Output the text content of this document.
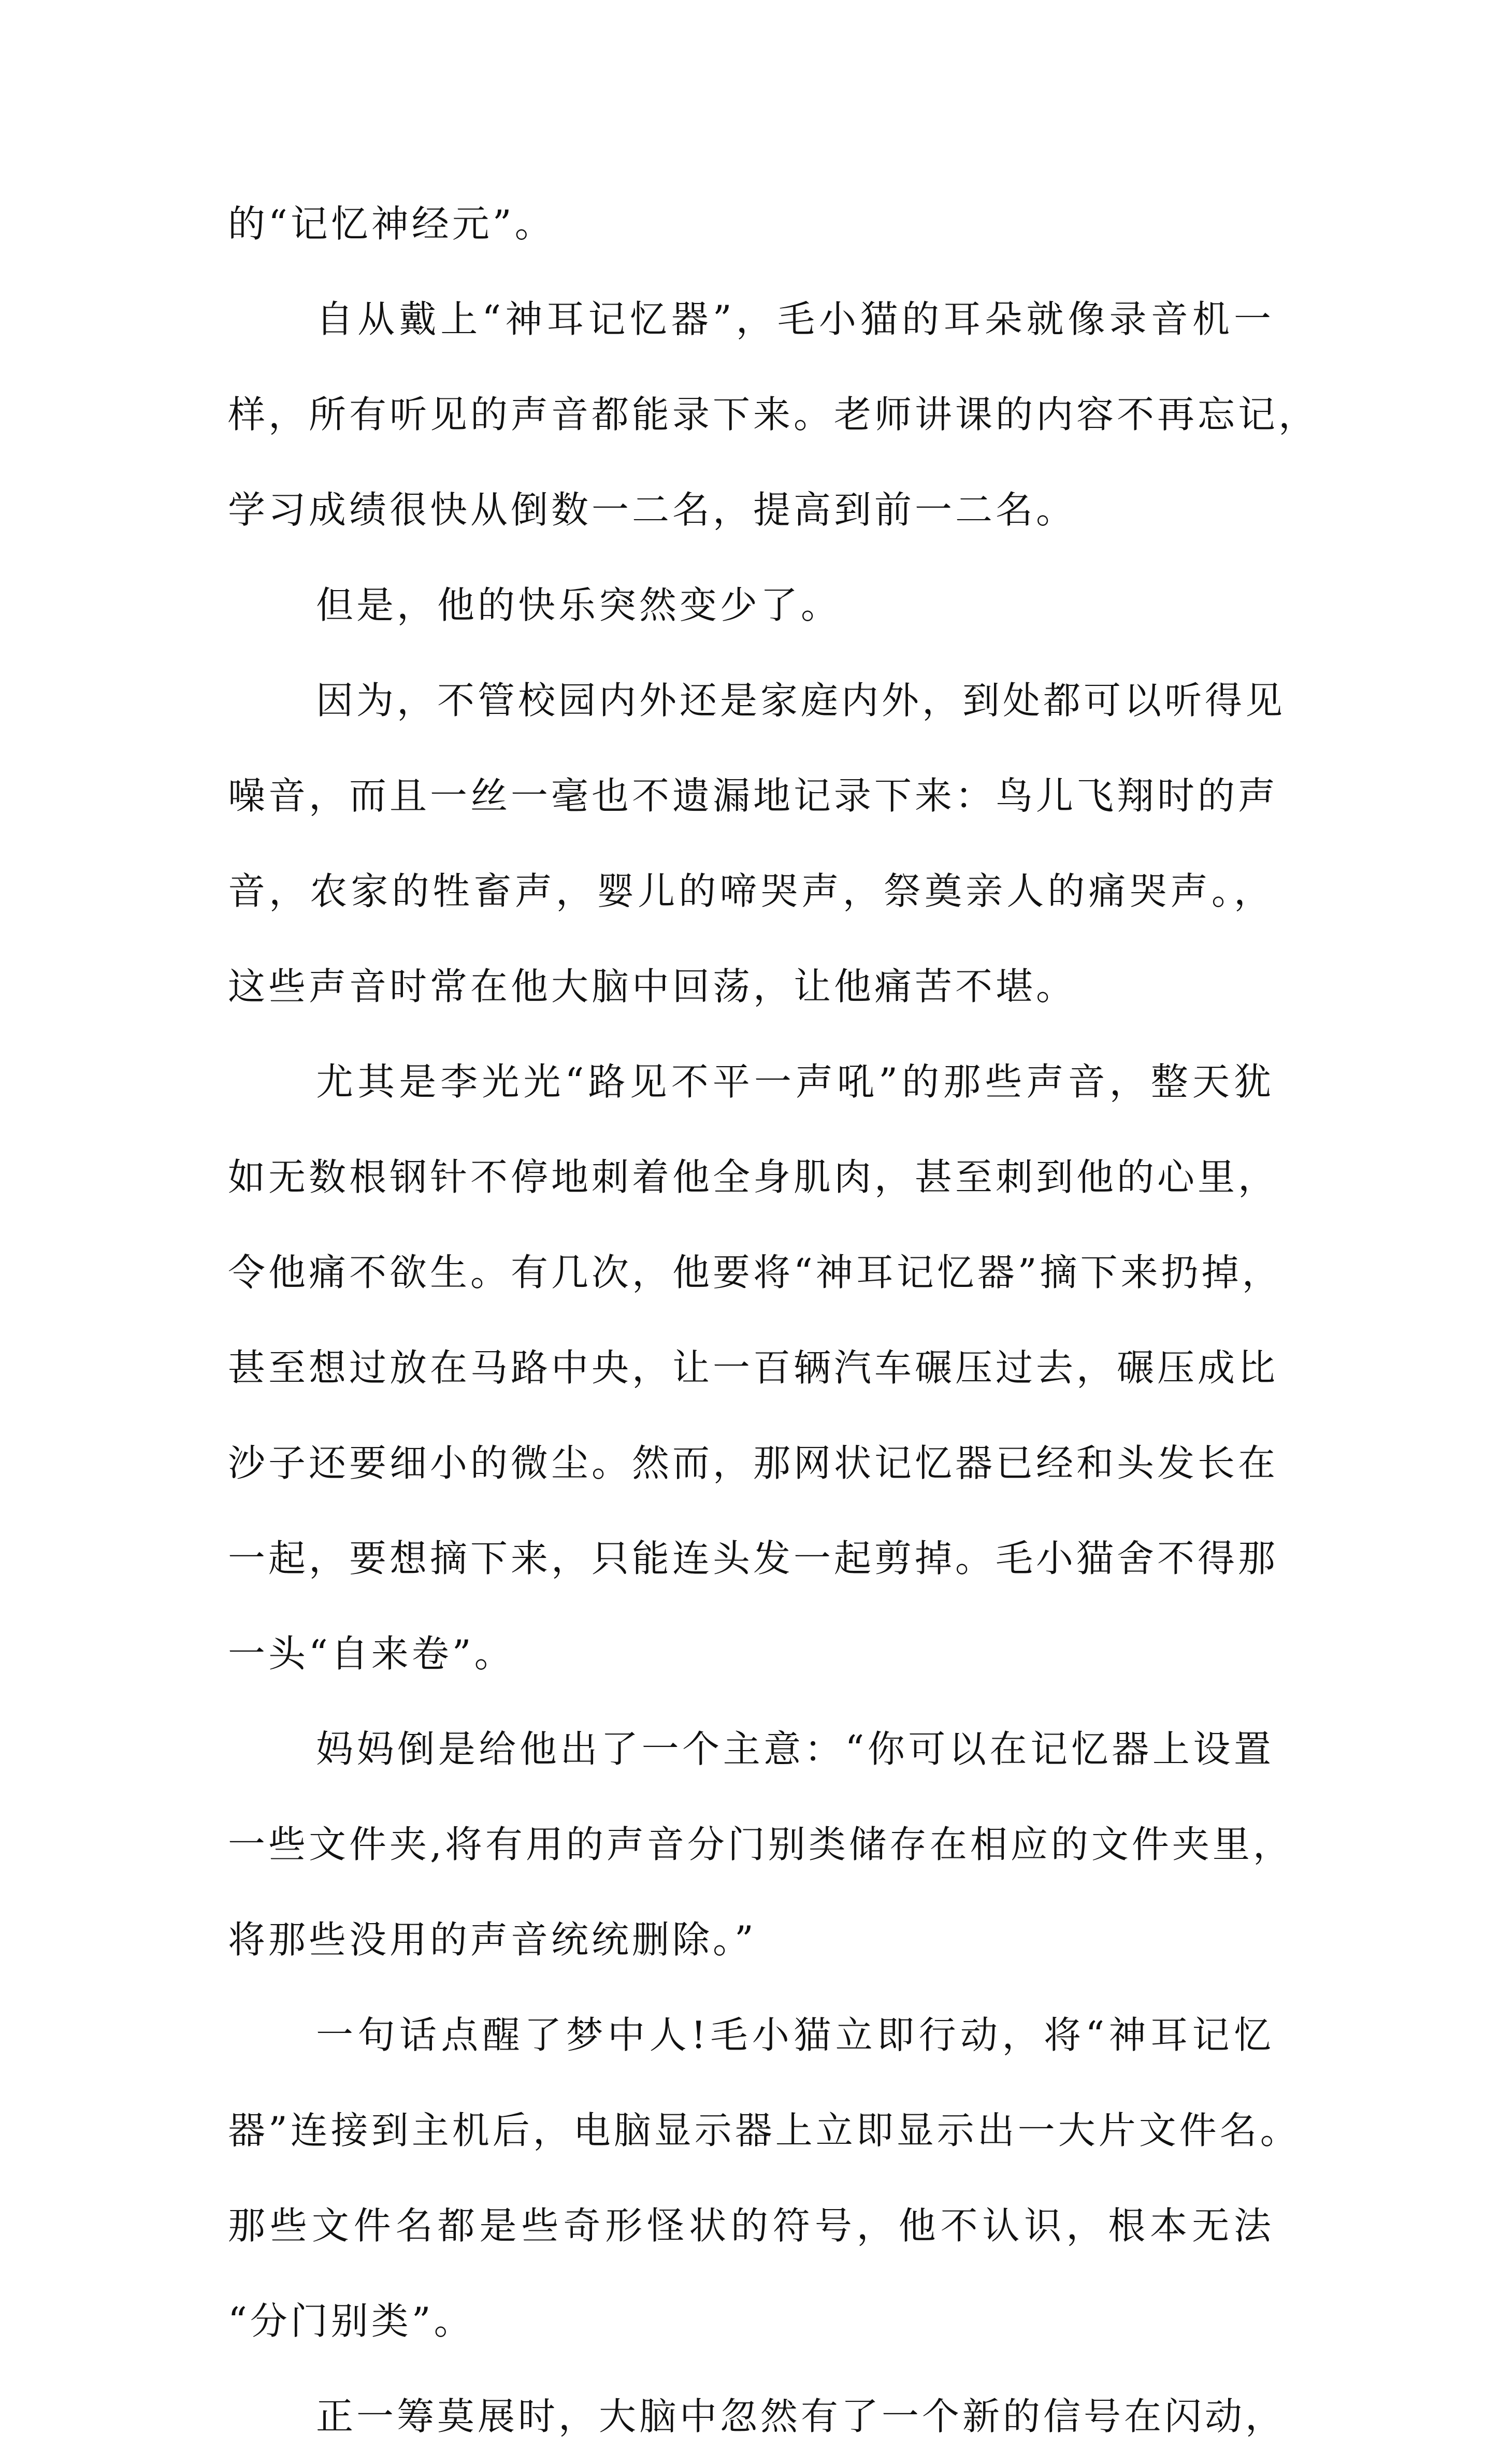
的“记忆神经元”。
自从戴上“神耳记忆器”，毛小猫的耳朵就像录音机一
样，所有听见的声音都能录下来。老师讲课的内容不再忘记，
学习成绩很快从倒数一二名，提高到前一二名。
但是，他的快乐突然变少了。
因为，不管校园内外还是家庭内外，到处都可以听得见
噪音，而且一丝一毫也不遗漏地记录下来：鸟儿飞翔时的声
音，农家的牲畜声，婴儿的啼哭声，祭奠亲人的痛哭声。，
这些声音时常在他大脑中回荡，让他痛苦不堪。
尤其是李光光“路见不平一声吼”的那些声音，整天犹
如无数根钢针不停地刺着他全身肌肉，甚至刺到他的心里，
令他痛不欲生。有几次，他要将“神耳记忆器”摘下来扔掉，
甚至想过放在马路中央，让一百辆汽车碾压过去，碾压成比
沙子还要细小的微尘。然而，那网状记忆器已经和头发长在
一起，要想摘下来，只能连头发一起剪掉。毛小猫舍不得那
一头“自来卷”。
妈妈倒是给他出了一个主意：“你可以在记忆器上设置
一些文件夹,将有用的声音分门别类储存在相应的文件夹里，
将那些没用的声音统统删除。”
一句话点醒了梦中人!毛小猫立即行动，将“神耳记忆
器”连接到主机后，电脑显示器上立即显示出一大片文件名。
那些文件名都是些奇形怪状的符号，他不认识，根本无法
“分门别类”。
正一筹莫展时，大脑中忽然有了一个新的信号在闪动，
